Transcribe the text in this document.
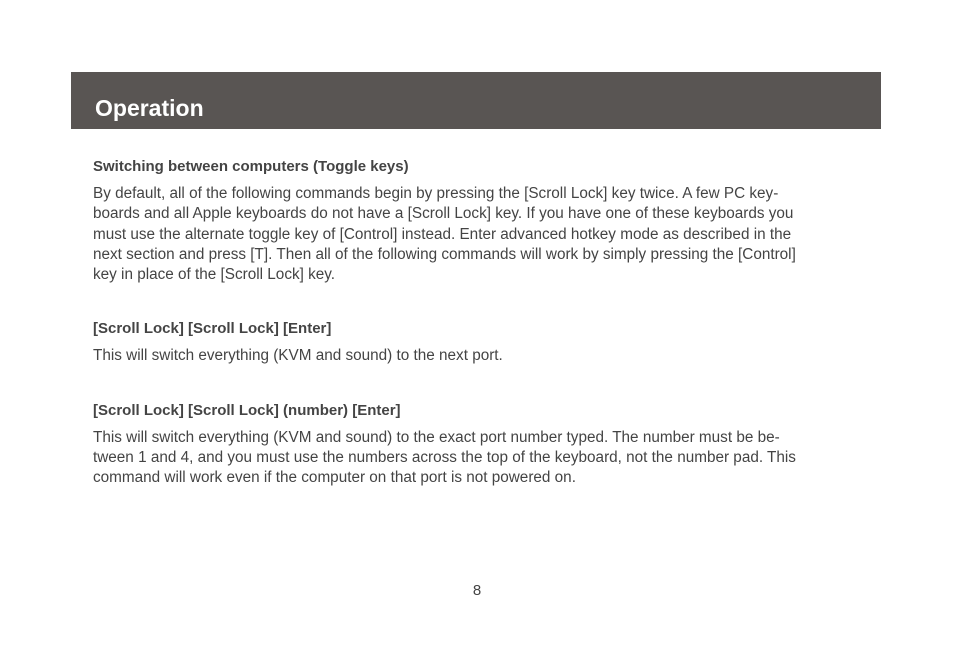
Operation

Switching between computers (Toggle keys)

By default, all of the following commands begin by pressing the [Scroll Lock] key twice. A few PC key-
boards and all Apple keyboards do not have a [Scroll Lock] key. If you have one of these keyboards you
must use the alternate toggle key of [Control] instead. Enter advanced hotkey mode as described in the
next section and press [T]. Then all of the following commands will work by simply pressing the [Control]
key in place of the [Scroll Lock] key.

[Scroll Lock] [Scroll Lock] [Enter]

This will switch everything (KVM and sound) to the next port.

[Scroll Lock] [Scroll Lock] (number) [Enter]

This will switch everything (KVM and sound) to the exact port number typed. The number must be be-
tween 1 and 4, and you must use the numbers across the top of the keyboard, not the number pad. This
command will work even if the computer on that port is not powered on.

8
